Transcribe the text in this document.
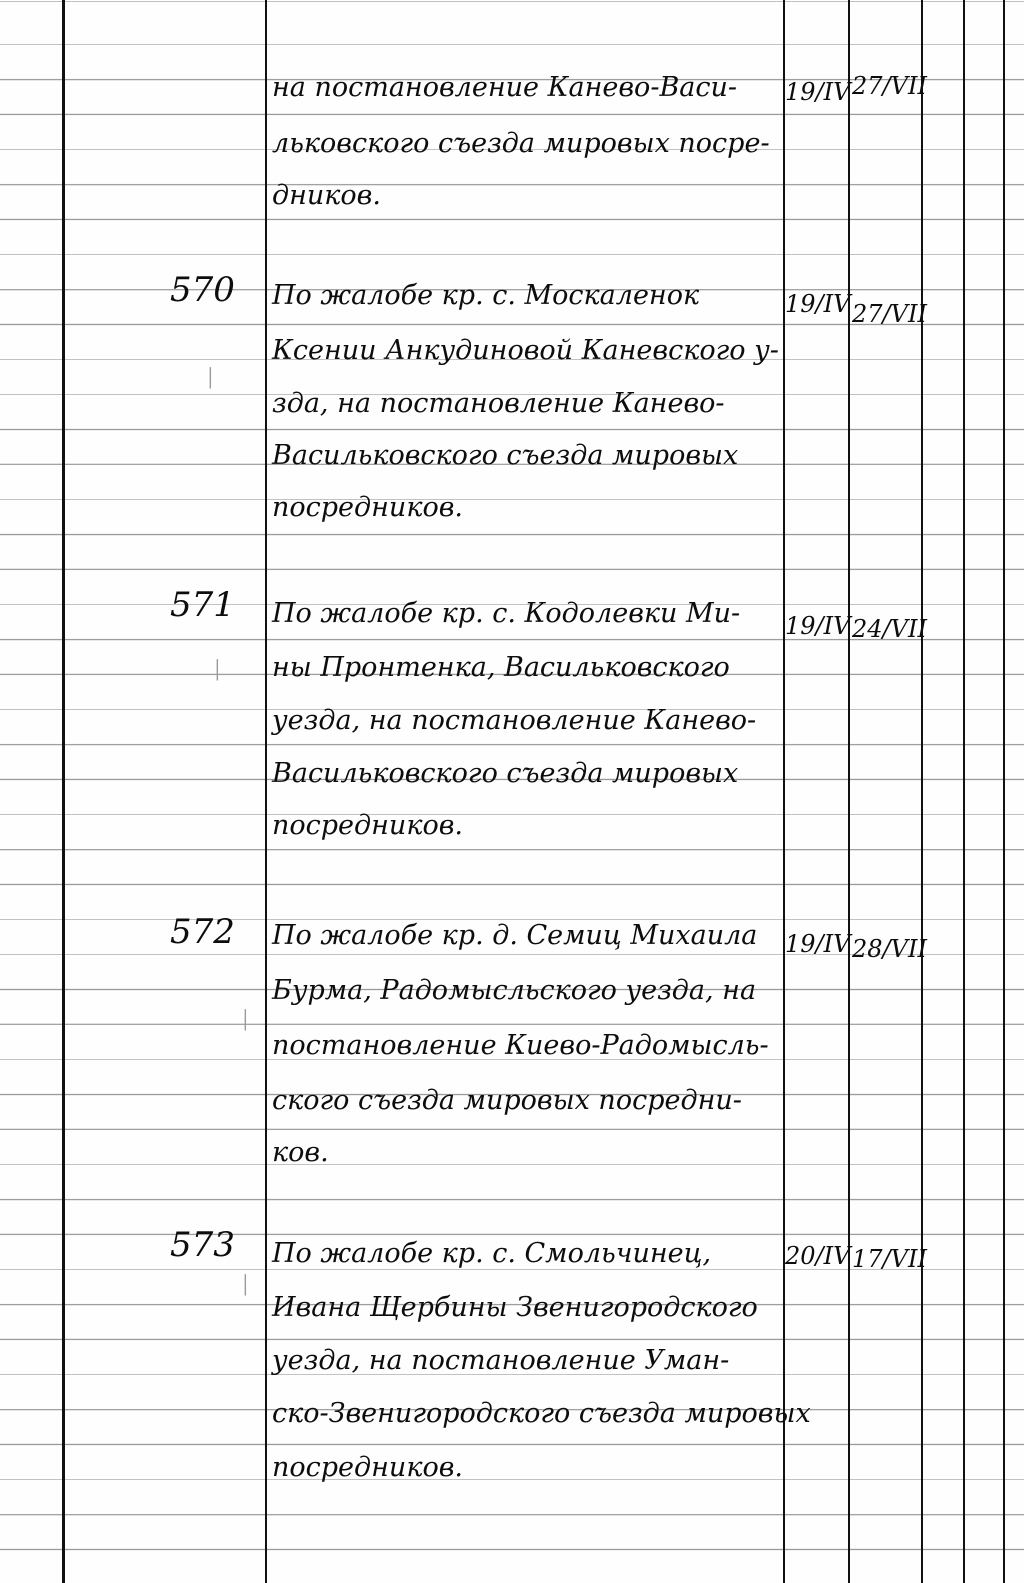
│
│
│
│
на постановление Канево-Васи-
льковского съезда мировых посре-
дников.
19/IV 27/VII
570 По жалобе кр. с. Москаленок
Ксении Анкудиновой Каневского у-
зда, на постановление Канево-
Васильковского съезда мировых
посредников.
19/IV 27/VII
571 По жалобе кр. с. Кодолевки Ми-
ны Пронтенка, Васильковского
уезда, на постановление Канево-
Васильковского съезда мировых
посредников.
19/IV 24/VII
572 По жалобе кр. д. Семиц Михаила
Бурма, Радомысльского уезда, на
постановление Киево-Радомысль-
ского съезда мировых посредни-
ков.
19/IV 28/VII
573 По жалобе кр. с. Смольчинец,
Ивана Щербины Звенигородского
уезда, на постановление Уман-
ско-Звенигородского съезда мировых
посредников.
20/IV 17/VII
